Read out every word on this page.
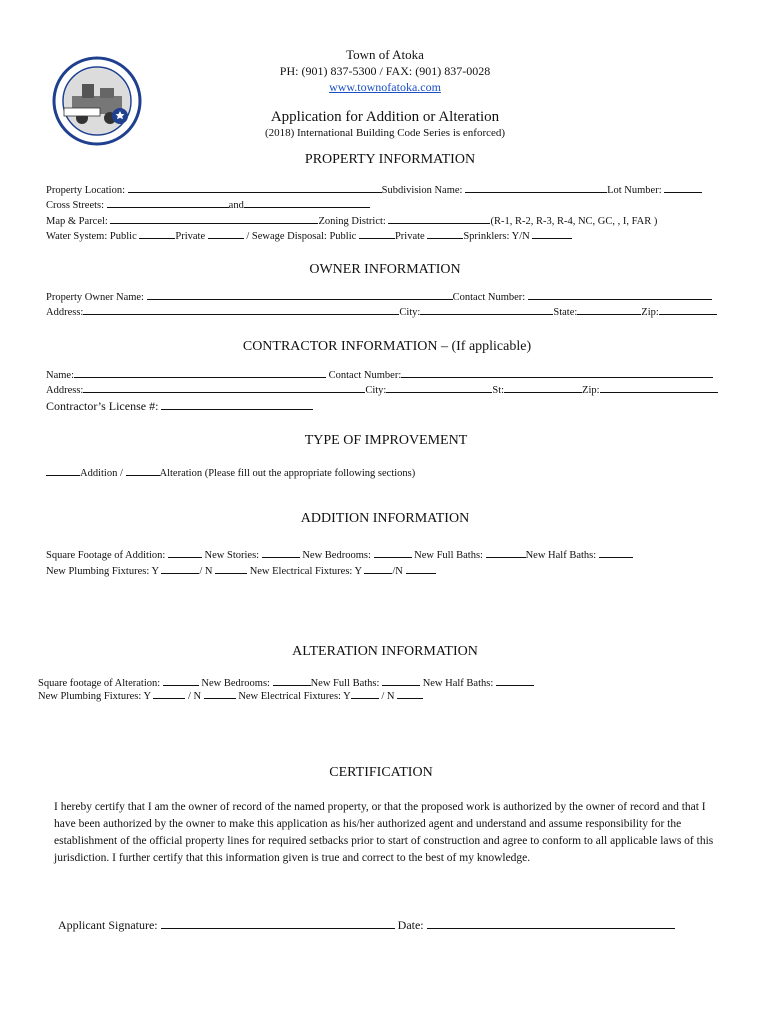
Town of Atoka
PH: (901) 837-5300 / FAX: (901) 837-0028
www.townofatoka.com
Application for Addition or Alteration
(2018) International Building Code Series is enforced)
PROPERTY INFORMATION
Property Location:	Subdivision Name:	Lot Number:
Cross Streets:	and
Map & Parcel:	Zoning District:	(R-1, R-2, R-3, R-4, NC, GC, , I, FAR )
Water System: Public	Private	/ Sewage Disposal: Public	Private	Sprinklers: Y/N
OWNER INFORMATION
Property Owner Name:	Contact Number:
Address:	City:	State:	Zip:
CONTRACTOR INFORMATION – (If applicable)
Name:	Contact Number:
Address:	City:	St:	Zip:
Contractor’s License #:
TYPE OF IMPROVEMENT
Addition /	Alteration (Please fill out the appropriate following sections)
ADDITION INFORMATION
Square Footage of Addition:	New Stories:	New Bedrooms:	New Full Baths:	New Half Baths:
New Plumbing Fixtures: Y	/ N	New Electrical Fixtures: Y	/N
ALTERATION INFORMATION
Square footage of Alteration:	New Bedrooms:	New Full Baths:	New Half Baths:
New Plumbing Fixtures: Y	/ N	New Electrical Fixtures: Y	/ N
CERTIFICATION
I hereby certify that I am the owner of record of the named property, or that the proposed work is authorized by the owner of record and that I have been authorized by the owner to make this application as his/her authorized agent and understand and assume responsibility for the establishment of the official property lines for required setbacks prior to start of construction and agree to conform to all applicable laws of this jurisdiction. I further certify that this information given is true and correct to the best of my knowledge.
Applicant Signature:	Date:
